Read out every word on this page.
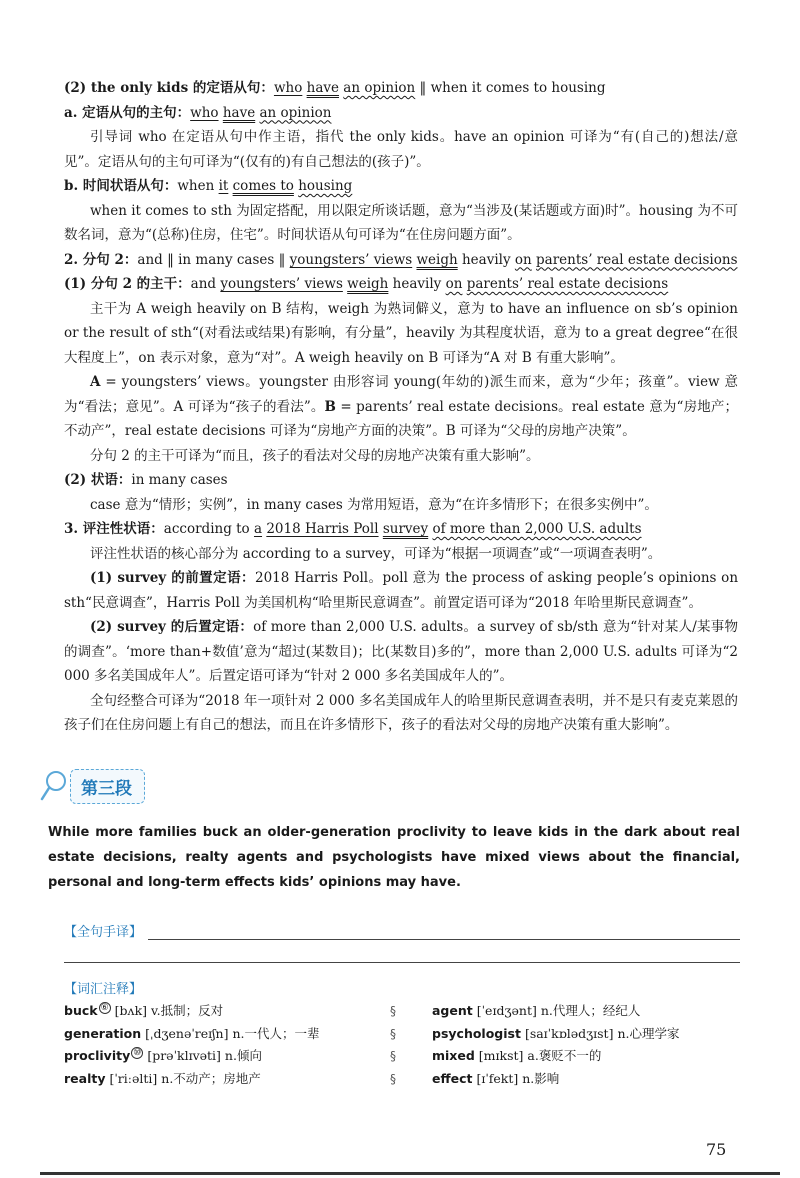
(2) the only kids 的定语从句：who have an opinion ‖ when it comes to housing
a. 定语从句的主句：who have an opinion
引导词 who 在定语从句中作主语，指代 the only kids。have an opinion 可译为“有(自己的)想法/意见”。定语从句的主句可译为“(仅有的)有自己想法的(孩子)”。
b. 时间状语从句：when it comes to housing
when it comes to sth 为固定搭配，用以限定所谈话题，意为“当涉及(某话题或方面)时”。housing 为不可数名词，意为“(总称)住房，住宅”。时间状语从句可译为“在住房问题方面”。
2. 分句 2：and ‖ in many cases ‖ youngsters’ views weigh heavily on parents’ real estate decisions
(1) 分句 2 的主干：and youngsters’ views weigh heavily on parents’ real estate decisions
主干为 A weigh heavily on B 结构，weigh 为熟词僻义，意为 to have an influence on sb’s opinion or the result of sth“(对看法或结果)有影响，有分量”，heavily 为其程度状语，意为 to a great degree“在很大程度上”，on 表示对象，意为“对”。A weigh heavily on B 可译为“A 对 B 有重大影响”。
A = youngsters’ views。youngster 由形容词 young(年幼的)派生而来，意为“少年；孩童”。view 意为“看法；意见”。A 可译为“孩子的看法”。B = parents’ real estate decisions。real estate 意为“房地产；不动产”，real estate decisions 可译为“房地产方面的决策”。B 可译为“父母的房地产决策”。
分句 2 的主干可译为“而且，孩子的看法对父母的房地产决策有重大影响”。
(2) 状语：in many cases
case 意为“情形；实例”，in many cases 为常用短语，意为“在许多情形下；在很多实例中”。
3. 评注性状语：according to a 2018 Harris Poll survey of more than 2,000 U.S. adults
评注性状语的核心部分为 according to a survey，可译为“根据一项调查”或“一项调查表明”。
(1) survey 的前置定语：2018 Harris Poll。poll 意为 the process of asking people’s opinions on sth“民意调查”，Harris Poll 为美国机构“哈里斯民意调查”。前置定语可译为“2018 年哈里斯民意调查”。
(2) survey 的后置定语：of more than 2,000 U.S. adults。a survey of sb/sth 意为“针对某人/某事物的调查”。‘more than+数值’意为“超过(某数目)；比(某数目)多的”，more than 2,000 U.S. adults 可译为“2 000 多名美国成年人”。后置定语可译为“针对 2 000 多名美国成年人的”。
全句经整合可译为“2018 年一项针对 2 000 多名美国成年人的哈里斯民意调查表明，并不是只有麦克莱恩的孩子们在住房问题上有自己的想法，而且在许多情形下，孩子的看法对父母的房地产决策有重大影响”。
第三段
While more families buck an older-generation proclivity to leave kids in the dark about real estate decisions, realty agents and psychologists have mixed views about the financial, personal and long-term effects kids’ opinions may have.
【全句手译】
【词汇注释】
buck ⑥ [bʌk] v.抵制；反对
generation [ˌdʒenəˈreɪʃn] n.一代人；一辈
proclivity ⑩ [prəˈklɪvəti] n.倾向
realty [ˈriːəlti] n.不动产；房地产
§
§
§
§
agent [ˈeɪdʒənt] n.代理人；经纪人
psychologist [saɪˈkɒlədʒɪst] n.心理学家
mixed [mɪkst] a.褒贬不一的
effect [ɪˈfekt] n.影响
75
